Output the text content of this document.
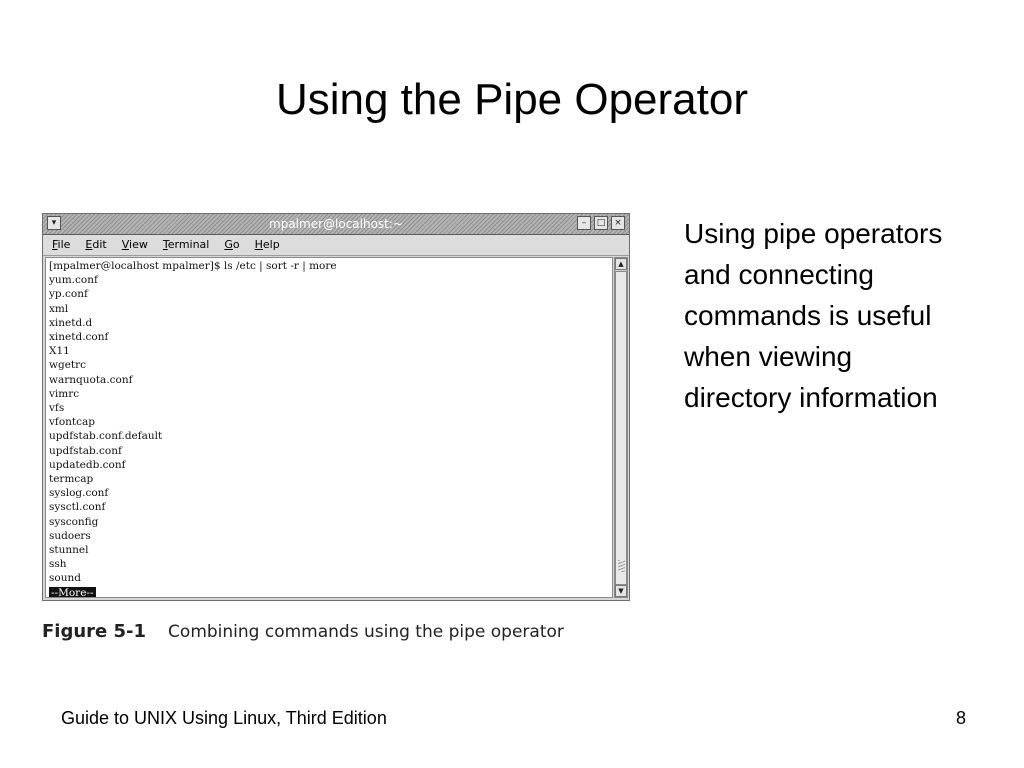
Using the Pipe Operator
▾	mpalmer@localhost:~	–	□ ×
File Edit View Terminal Go Help
[mpalmer@localhost mpalmer]$ ls /etc | sort -r | more
yum.conf
yp.conf
xml
xinetd.d
xinetd.conf
X11
wgetrc
warnquota.conf
vimrc
vfs
vfontcap
updfstab.conf.default
updfstab.conf
updatedb.conf
termcap
syslog.conf
sysctl.conf
sysconfig
sudoers
stunnel
ssh
sound
--More--
▲
▼
Figure 5-1 Combining commands using the pipe operator
Using pipe operators and connecting commands is useful when viewing directory information
Guide to UNIX Using Linux, Third Edition	8
